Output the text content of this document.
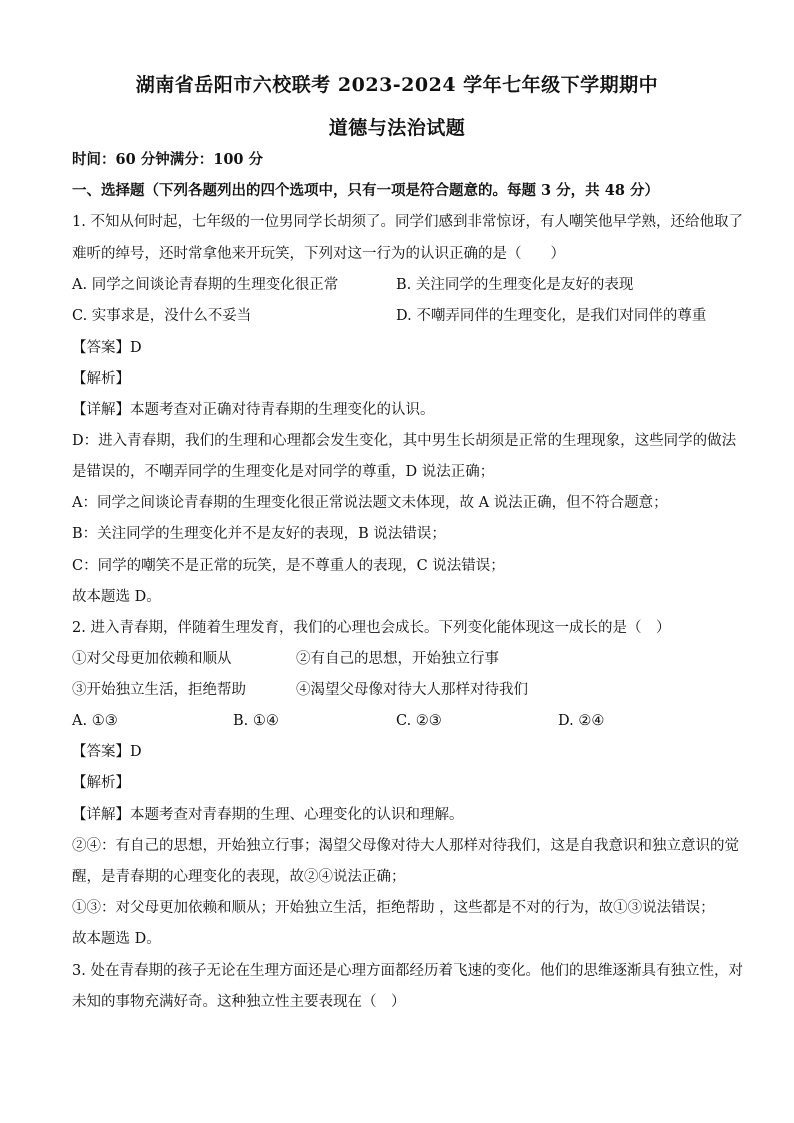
湖南省岳阳市六校联考 2023-2024 学年七年级下学期期中
道德与法治试题
时间：60 分钟满分：100 分
一、选择题（下列各题列出的四个选项中，只有一项是符合题意的。每题 3 分，共 48 分）
1. 不知从何时起，七年级的一位男同学长胡须了。同学们感到非常惊讶，有人嘲笑他早学熟，还给他取了
难听的绰号，还时常拿他来开玩笑，下列对这一行为的认识正确的是（　　）
A. 同学之间谈论青春期的生理变化很正常	B. 关注同学的生理变化是友好的表现
C. 实事求是，没什么不妥当	D. 不嘲弄同伴的生理变化，是我们对同伴的尊重
【答案】D
【解析】
【详解】本题考查对正确对待青春期的生理变化的认识。
D：进入青春期，我们的生理和心理都会发生变化，其中男生长胡须是正常的生理现象，这些同学的做法
是错误的，不嘲弄同学的生理变化是对同学的尊重，D 说法正确；
A：同学之间谈论青春期的生理变化很正常说法题文未体现，故 A 说法正确，但不符合题意；
B：关注同学的生理变化并不是友好的表现，B 说法错误；
C：同学的嘲笑不是正常的玩笑，是不尊重人的表现，C 说法错误；
故本题选 D。
2. 进入青春期，伴随着生理发育，我们的心理也会成长。下列变化能体现这一成长的是（　）
①对父母更加依赖和顺从	②有自己的思想，开始独立行事
③开始独立生活，拒绝帮助	④渴望父母像对待大人那样对待我们
A. ①③	B. ①④	C. ②③	D. ②④
【答案】D
【解析】
【详解】本题考查对青春期的生理、心理变化的认识和理解。
②④：有自己的思想，开始独立行事；渴望父母像对待大人那样对待我们，这是自我意识和独立意识的觉
醒，是青春期的心理变化的表现，故②④说法正确；
①③：对父母更加依赖和顺从；开始独立生活，拒绝帮助 ，这些都是不对的行为，故①③说法错误；
故本题选 D。
3. 处在青春期的孩子无论在生理方面还是心理方面都经历着飞速的变化。他们的思维逐渐具有独立性，对
未知的事物充满好奇。这种独立性主要表现在（　）
